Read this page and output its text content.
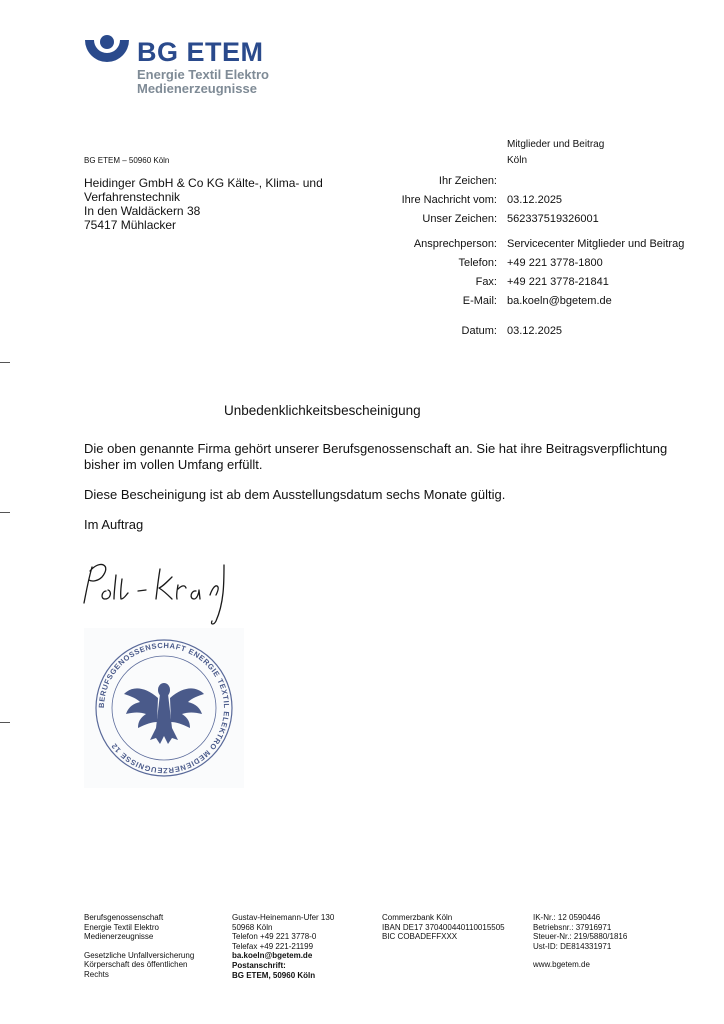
BG ETEM
Energie Textil Elektro
Medienerzeugnisse
BG ETEM – 50960 Köln
Heidinger GmbH & Co KG Kälte-, Klima- und Verfahrenstechnik
In den Waldäckern 38
75417 Mühlacker
Mitglieder und Beitrag
Köln
Ihr Zeichen:
Ihre Nachricht vom: 03.12.2025
Unser Zeichen: 562337519326001
Ansprechperson: Servicecenter Mitglieder und Beitrag
Telefon: +49 221 3778-1800
Fax: +49 221 3778-21841
E-Mail: ba.koeln@bgetem.de
Datum: 03.12.2025
Unbedenklichkeitsbescheinigung

Die oben genannte Firma gehört unserer Berufsgenossenschaft an. Sie hat ihre Beitragsverpflichtung bisher im vollen Umfang erfüllt.

Diese Bescheinigung ist ab dem Ausstellungsdatum sechs Monate gültig.

Im Auftrag

BERUFSGENOSSENSCHAFT ENERGIE TEXTIL ELEKTRO MEDIENERZEUGNISSE 12
Berufsgenossenschaft
Energie Textil Elektro
Medienerzeugnisse
Gesetzliche Unfallversicherung
Körperschaft des öffentlichen
Rechts
Gustav-Heinemann-Ufer 130
50968 Köln
Telefon +49 221 3778-0
Telefax +49 221-21199
ba.koeln@bgetem.de
Postanschrift:
BG ETEM, 50960 Köln
Commerzbank Köln
IBAN DE17 3704004401100155​05
BIC COBADEFFXXX
IK-Nr.: 12 0590446
Betriebsnr.: 37916971
Steuer-Nr.: 219/5880/1816
Ust-ID: DE814331971
www.bgetem.de
